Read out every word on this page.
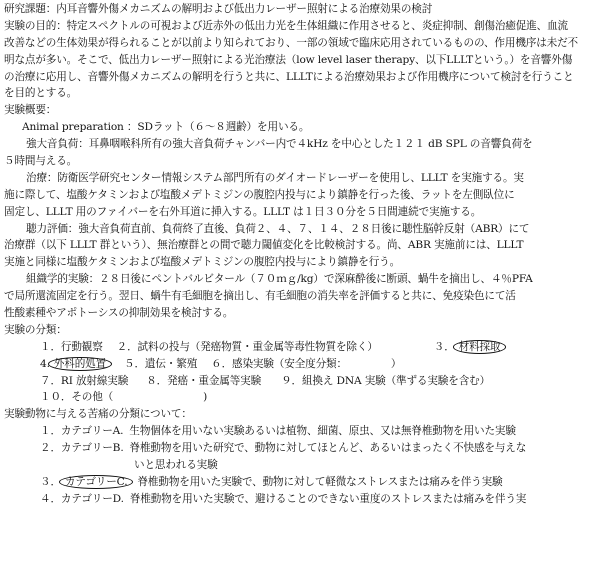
研究課題：内耳音響外傷メカニズムの解明および低出力レーザー照射による治療効果の検討
実験の目的：特定スペクトルの可視および近赤外の低出力光を生体組織に作用させると、炎症抑制、創傷治癒促進、血流
改善などの生体効果が得られることが以前より知られており、一部の領域で臨床応用されているものの、作用機序は未だ不
明な点が多い。そこで、低出力レーザー照射による光治療法（low level laser therapy、以下LLLTという。）を音響外傷
の治療に応用し、音響外傷メカニズムの解明を行うと共に、LLLTによる治療効果および作用機序について検討を行うこと
を目的とする。
実験概要：
Animal preparation ：SDラット（６～８週齢）を用いる。
強大音負荷：耳鼻咽喉科所有の強大音負荷チャンバー内で４kHz を中心とした１２１ dB SPL の音響負荷を
５時間与える。
治療：防衛医学研究センター情報システム部門所有のダイオードレーザーを使用し、LLLT を実施する。実
施に際して、塩酸ケタミンおよび塩酸メデトミジンの腹腔内投与により鎮静を行った後、ラットを左側臥位に
固定し、LLLT 用のファイバーを右外耳道に挿入する。LLLT は１日３０分を５日間連続で実施する。
聴力評価：強大音負荷直前、負荷終了直後、負荷２、４、７、１４、２８日後に聴性脳幹反射（ABR）にて
治療群（以下 LLLT 群という）、無治療群との間で聴力閾値変化を比較検討する。尚、ABR 実施前には、LLLT
実施と同様に塩酸ケタミンおよび塩酸メデトミジンの腹腔内投与により鎮静を行う。
組織学的実験：２８日後にペントバルビタール（７０ｍｇ/kg）で深麻酔後に断頭、蝸牛を摘出し、４％PFA
で局所還流固定を行う。翌日、蝸牛有毛細胞を摘出し、有毛細胞の消失率を評価すると共に、免疫染色にて活
性酸素種やアポトーシスの抑制効果を検討する。
実験の分類：
１．行動観察 ２．試料の投与（発癌物質・重金属等毒性物質を除く）	３． 材料採取
4. 外科的処置 ５．遺伝・繁殖 ６．感染実験（安全度分類：	）
７．RI 放射線実験 ８．発癌・重金属等実験 ９．組換え DNA 実験（準ずる実験を含む）
１０．その他（	)
実験動物に与える苦痛の分類について：
１．カテゴリーA. 生物個体を用いない実験あるいは植物、細菌、原虫、又は無脊椎動物を用いた実験
２．カテゴリーB. 脊椎動物を用いた研究で、動物に対してほとんど、あるいはまったく不快感を与えな
いと思われる実験
３． カテゴリーC. 脊椎動物を用いた実験で、動物に対して軽微なストレスまたは痛みを伴う実験
４．カテゴリーD. 脊椎動物を用いた実験で、避けることのできない重度のストレスまたは痛みを伴う実
